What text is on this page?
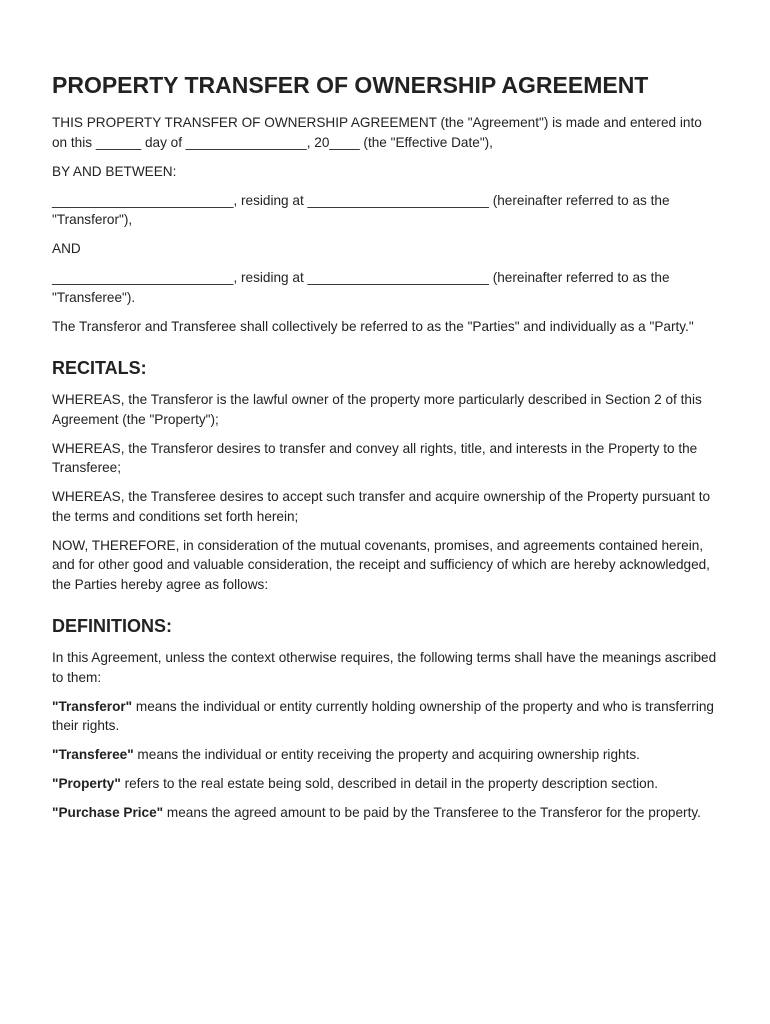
PROPERTY TRANSFER OF OWNERSHIP AGREEMENT

THIS PROPERTY TRANSFER OF OWNERSHIP AGREEMENT (the "Agreement") is made and entered into on this ______ day of ________________, 20____ (the "Effective Date"),

BY AND BETWEEN:

________________________, residing at ________________________ (hereinafter referred to as the "Transferor"),

AND

________________________, residing at ________________________ (hereinafter referred to as the "Transferee").

The Transferor and Transferee shall collectively be referred to as the "Parties" and individually as a "Party."

RECITALS:

WHEREAS, the Transferor is the lawful owner of the property more particularly described in Section 2 of this Agreement (the "Property");

WHEREAS, the Transferor desires to transfer and convey all rights, title, and interests in the Property to the Transferee;

WHEREAS, the Transferee desires to accept such transfer and acquire ownership of the Property pursuant to the terms and conditions set forth herein;

NOW, THEREFORE, in consideration of the mutual covenants, promises, and agreements contained herein, and for other good and valuable consideration, the receipt and sufficiency of which are hereby acknowledged, the Parties hereby agree as follows:

DEFINITIONS:

In this Agreement, unless the context otherwise requires, the following terms shall have the meanings ascribed to them:

"Transferor" means the individual or entity currently holding ownership of the property and who is transferring their rights.

"Transferee" means the individual or entity receiving the property and acquiring ownership rights.

"Property" refers to the real estate being sold, described in detail in the property description section.

"Purchase Price" means the agreed amount to be paid by the Transferee to the Transferor for the property.
